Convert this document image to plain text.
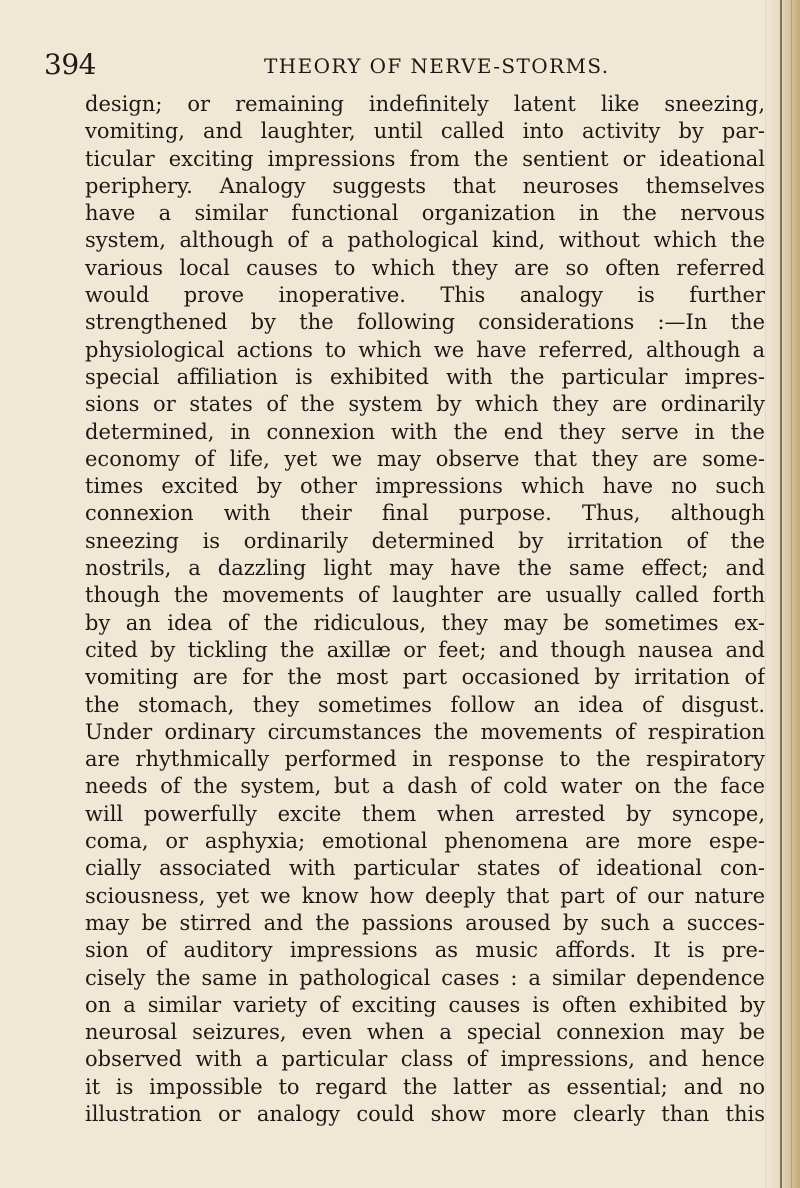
394	THEORY OF NERVE-STORMS.
design; or remaining indefinitely latent like sneezing,
vomiting, and laughter, until called into activity by par-
ticular exciting impressions from the sentient or ideational
periphery. Analogy suggests that neuroses themselves
have a similar functional organization in the nervous
system, although of a pathological kind, without which the
various local causes to which they are so often referred
would prove inoperative. This analogy is further
strengthened by the following considerations :—In the
physiological actions to which we have referred, although a
special affiliation is exhibited with the particular impres-
sions or states of the system by which they are ordinarily
determined, in connexion with the end they serve in the
economy of life, yet we may observe that they are some-
times excited by other impressions which have no such
connexion with their final purpose. Thus, although
sneezing is ordinarily determined by irritation of the
nostrils, a dazzling light may have the same effect; and
though the movements of laughter are usually called forth
by an idea of the ridiculous, they may be sometimes ex-
cited by tickling the axillæ or feet; and though nausea and
vomiting are for the most part occasioned by irritation of
the stomach, they sometimes follow an idea of disgust.
Under ordinary circumstances the movements of respiration
are rhythmically performed in response to the respiratory
needs of the system, but a dash of cold water on the face
will powerfully excite them when arrested by syncope,
coma, or asphyxia; emotional phenomena are more espe-
cially associated with particular states of ideational con-
sciousness, yet we know how deeply that part of our nature
may be stirred and the passions aroused by such a succes-
sion of auditory impressions as music affords. It is pre-
cisely the same in pathological cases : a similar dependence
on a similar variety of exciting causes is often exhibited by
neurosal seizures, even when a special connexion may be
observed with a particular class of impressions, and hence
it is impossible to regard the latter as essential; and no
illustration or analogy could show more clearly than this
